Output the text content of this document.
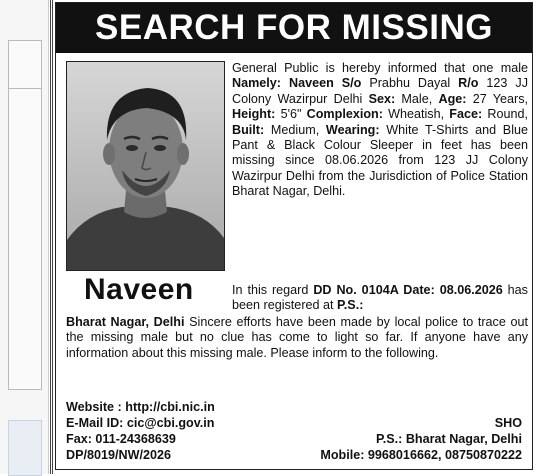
SEARCH FOR MISSING
General Public is hereby informed that one male Namely: Naveen S/o Prabhu Dayal R/o 123 JJ Colony Wazirpur Delhi Sex: Male, Age: 27 Years, Height: 5'6" Complexion: Wheatish, Face: Round, Built: Medium, Wearing: White T-Shirts and Blue Pant & Black Colour Sleeper in feet has been missing since 08.06.2026 from 123 JJ Colony Wazirpur Delhi from the Jurisdiction of Police Station Bharat Nagar, Delhi.
Naveen	In this regard DD No. 0104A Date: 08.06.2026 has been registered at P.S.:
Bharat Nagar, Delhi Sincere efforts have been made by local police to trace out the missing male but no clue has come to light so far. If anyone have any information about this missing male. Please inform to the following.
Website : http://cbi.nic.in
E-Mail ID: cic@cbi.gov.in
Fax: 011-24368639
DP/8019/NW/2026
SHO
P.S.: Bharat Nagar, Delhi
Mobile: 9968016662, 08750870222
